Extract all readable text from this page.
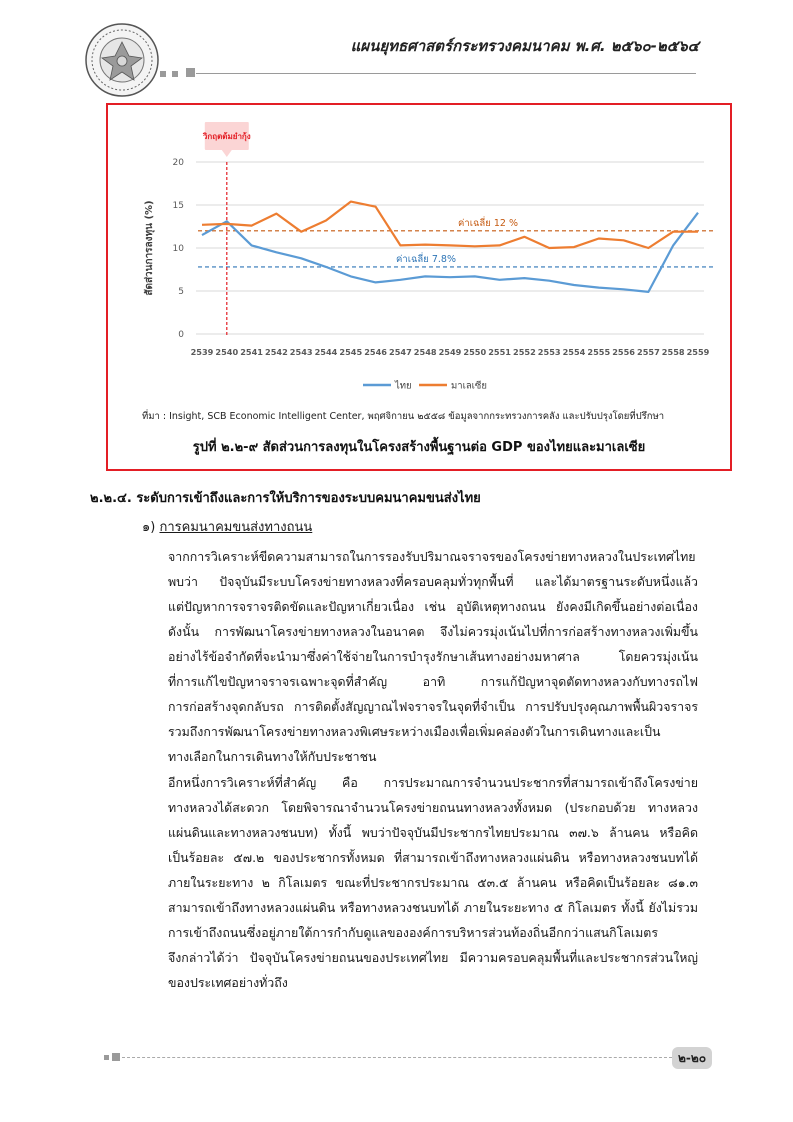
แผนยุทธศาสตร์กระทรวงคมนาคม พ.ศ. ๒๕๖๐-๒๕๖๔
0
5
10
15
20
2539 2540 2541 2542 2543 2544 2545 2546 2547 2548 2549 2550 2551 2552 2553 2554 2555 2556 2557 2558 2559
สัดส่วนการลงทุน (%)	ค่าเฉลี่ย 12 %
ค่าเฉลี่ย 7.8%
วิกฤตต้มยำกุ้ง
ไทย	มาเลเซีย
ที่มา : Insight, SCB Economic Intelligent Center, พฤศจิกายน ๒๕๕๘ ข้อมูลจากกระทรวงการคลัง และปรับปรุงโดยที่ปรึกษา
รูปที่ ๒.๒-๙ สัดส่วนการลงทุนในโครงสร้างพื้นฐานต่อ GDP ของไทยและมาเลเซีย
๒.๒.๔. ระดับการเข้าถึงและการให้บริการของระบบคมนาคมขนส่งไทย
๑) การคมนาคมขนส่งทางถนน
จากการวิเคราะห์ขีดความสามารถในการรองรับปริมาณจราจรของโครงข่ายทางหลวงในประเทศไทย
พบว่า ปัจจุบันมีระบบโครงข่ายทางหลวงที่ครอบคลุมทั่วทุกพื้นที่ และได้มาตรฐานระดับหนึ่งแล้ว
แต่ปัญหาการจราจรติดขัดและปัญหาเกี่ยวเนื่อง เช่น อุบัติเหตุทางถนน ยังคงมีเกิดขึ้นอย่างต่อเนื่อง
ดังนั้น การพัฒนาโครงข่ายทางหลวงในอนาคต จึงไม่ควรมุ่งเน้นไปที่การก่อสร้างทางหลวงเพิ่มขึ้น
อย่างไร้ข้อจำกัดที่จะนำมาซึ่งค่าใช้จ่ายในการบำรุงรักษาเส้นทางอย่างมหาศาล โดยควรมุ่งเน้น
ที่การแก้ไขปัญหาจราจรเฉพาะจุดที่สำคัญ อาทิ การแก้ปัญหาจุดตัดทางหลวงกับทางรถไฟ
การก่อสร้างจุดกลับรถ การติดตั้งสัญญาณไฟจราจรในจุดที่จำเป็น การปรับปรุงคุณภาพพื้นผิวจราจร
รวมถึงการพัฒนาโครงข่ายทางหลวงพิเศษระหว่างเมืองเพื่อเพิ่มคล่องตัวในการเดินทางและเป็น
ทางเลือกในการเดินทางให้กับประชาชน
อีกหนึ่งการวิเคราะห์ที่สำคัญ คือ การประมาณการจำนวนประชากรที่สามารถเข้าถึงโครงข่าย
ทางหลวงได้สะดวก โดยพิจารณาจำนวนโครงข่ายถนนทางหลวงทั้งหมด (ประกอบด้วย ทางหลวง
แผ่นดินและทางหลวงชนบท) ทั้งนี้ พบว่าปัจจุบันมีประชากรไทยประมาณ ๓๗.๖ ล้านคน หรือคิด
เป็นร้อยละ ๕๗.๒ ของประชากรทั้งหมด ที่สามารถเข้าถึงทางหลวงแผ่นดิน หรือทางหลวงชนบทได้
ภายในระยะทาง ๒ กิโลเมตร ขณะที่ประชากรประมาณ ๕๓.๕ ล้านคน หรือคิดเป็นร้อยละ ๘๑.๓
สามารถเข้าถึงทางหลวงแผ่นดิน หรือทางหลวงชนบทได้ ภายในระยะทาง ๕ กิโลเมตร ทั้งนี้ ยังไม่รวม
การเข้าถึงถนนซึ่งอยู่ภายใต้การกำกับดูแลขององค์การบริหารส่วนท้องถิ่นอีกกว่าแสนกิโลเมตร
จึงกล่าวได้ว่า ปัจจุบันโครงข่ายถนนของประเทศไทย มีความครอบคลุมพื้นที่และประชากรส่วนใหญ่
ของประเทศอย่างทั่วถึง
๒-๒๐
